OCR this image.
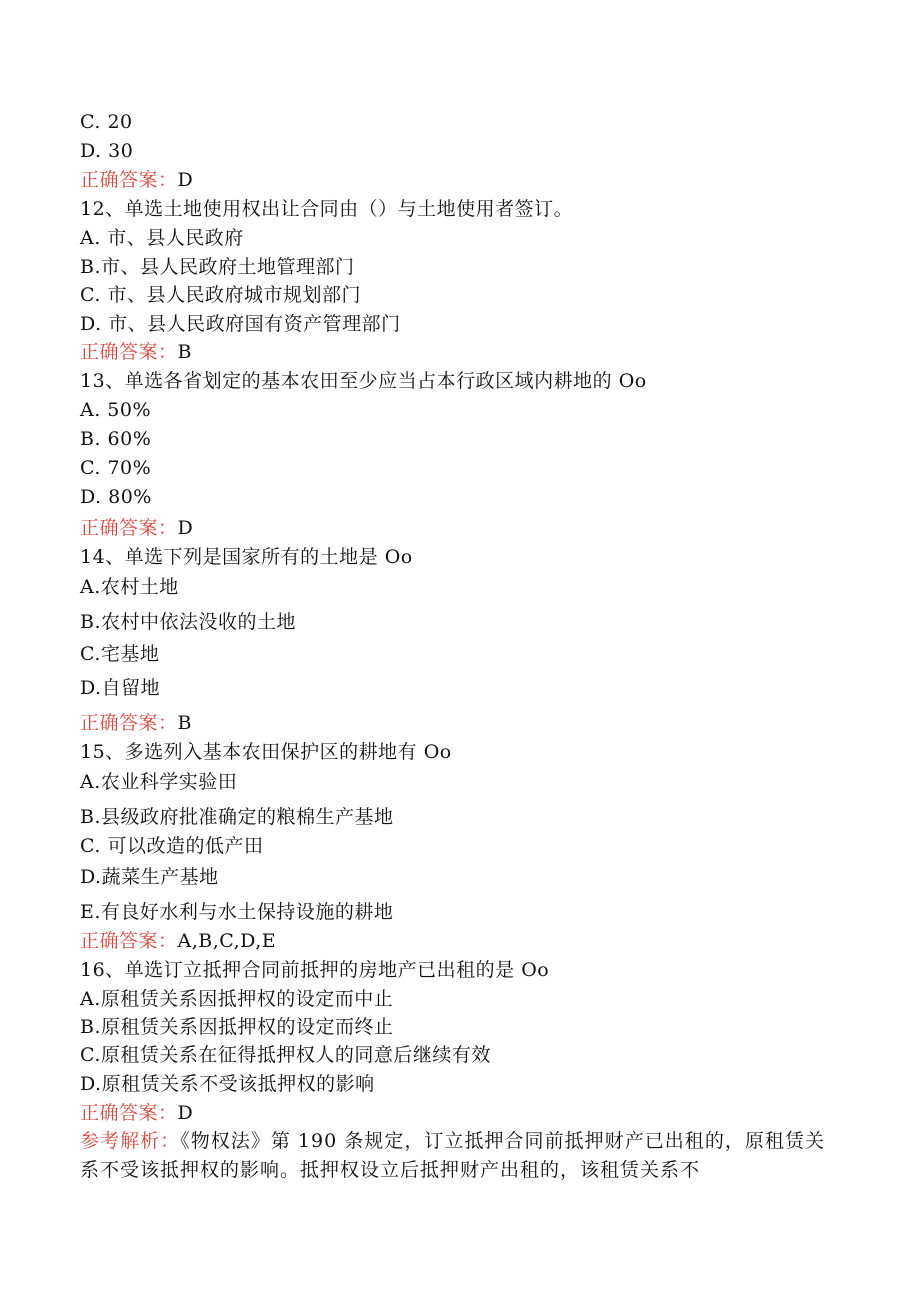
C. 20
D. 30
正确答案：D
12、单选土地使用权出让合同由（）与土地使用者签订。
A. 市、县人民政府
B.市、县人民政府土地管理部门
C. 市、县人民政府城市规划部门
D. 市、县人民政府国有资产管理部门
正确答案：B
13、单选各省划定的基本农田至少应当占本行政区域内耕地的 Oo
A. 50%
B. 60%
C. 70%
D. 80%
正确答案：D
14、单选下列是国家所有的土地是 Oo
A.农村土地
B.农村中依法没收的土地
C.宅基地
D.自留地
正确答案：B
15、多选列入基本农田保护区的耕地有 Oo
A.农业科学实验田
B.县级政府批准确定的粮棉生产基地
C. 可以改造的低产田
D.蔬菜生产基地
E.有良好水利与水土保持设施的耕地
正确答案：A,B,C,D,E
16、单选订立抵押合同前抵押的房地产已出租的是 Oo
A.原租赁关系因抵押权的设定而中止
B.原租赁关系因抵押权的设定而终止
C.原租赁关系在征得抵押权人的同意后继续有效
D.原租赁关系不受该抵押权的影响
正确答案：D
参考解析：《物权法》第 190 条规定，订立抵押合同前抵押财产已出租的，原租赁关系不受该抵押权的影响。抵押权设立后抵押财产出租的，该租赁关系不
